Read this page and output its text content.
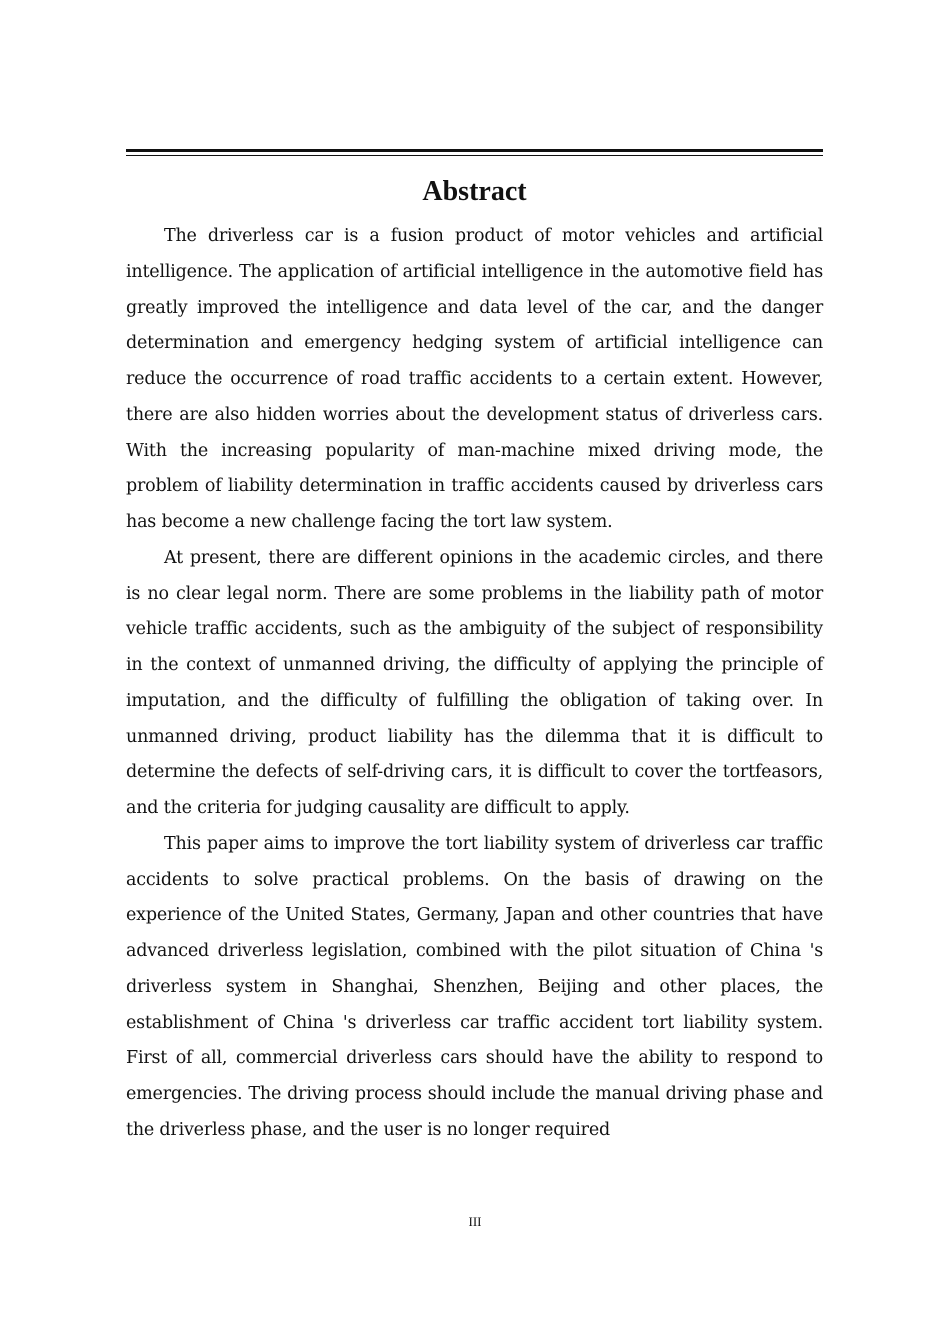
Abstract

The driverless car is a fusion product of motor vehicles and artificial intelligence. The application of artificial intelligence in the automotive field has greatly improved the intelligence and data level of the car, and the danger determination and emergency hedging system of artificial intelligence can reduce the occurrence of road traffic accidents to a certain extent. However, there are also hidden worries about the development status of driverless cars. With the increasing popularity of man-machine mixed driving mode, the problem of liability determination in traffic accidents caused by driverless cars has become a new challenge facing the tort law system.

At present, there are different opinions in the academic circles, and there is no clear legal norm. There are some problems in the liability path of motor vehicle traffic accidents, such as the ambiguity of the subject of responsibility in the context of unmanned driving, the difficulty of applying the principle of imputation, and the difficulty of fulfilling the obligation of taking over. In unmanned driving, product liability has the dilemma that it is difficult to determine the defects of self-driving cars, it is difficult to cover the tortfeasors, and the criteria for judging causality are difficult to apply.

This paper aims to improve the tort liability system of driverless car traffic accidents to solve practical problems. On the basis of drawing on the experience of the United States, Germany, Japan and other countries that have advanced driverless legislation, combined with the pilot situation of China 's driverless system in Shanghai, Shenzhen, Beijing and other places, the establishment of China 's driverless car traffic accident tort liability system. First of all, commercial driverless cars should have the ability to respond to emergencies. The driving process should include the manual driving phase and the driverless phase, and the user is no longer required

III
